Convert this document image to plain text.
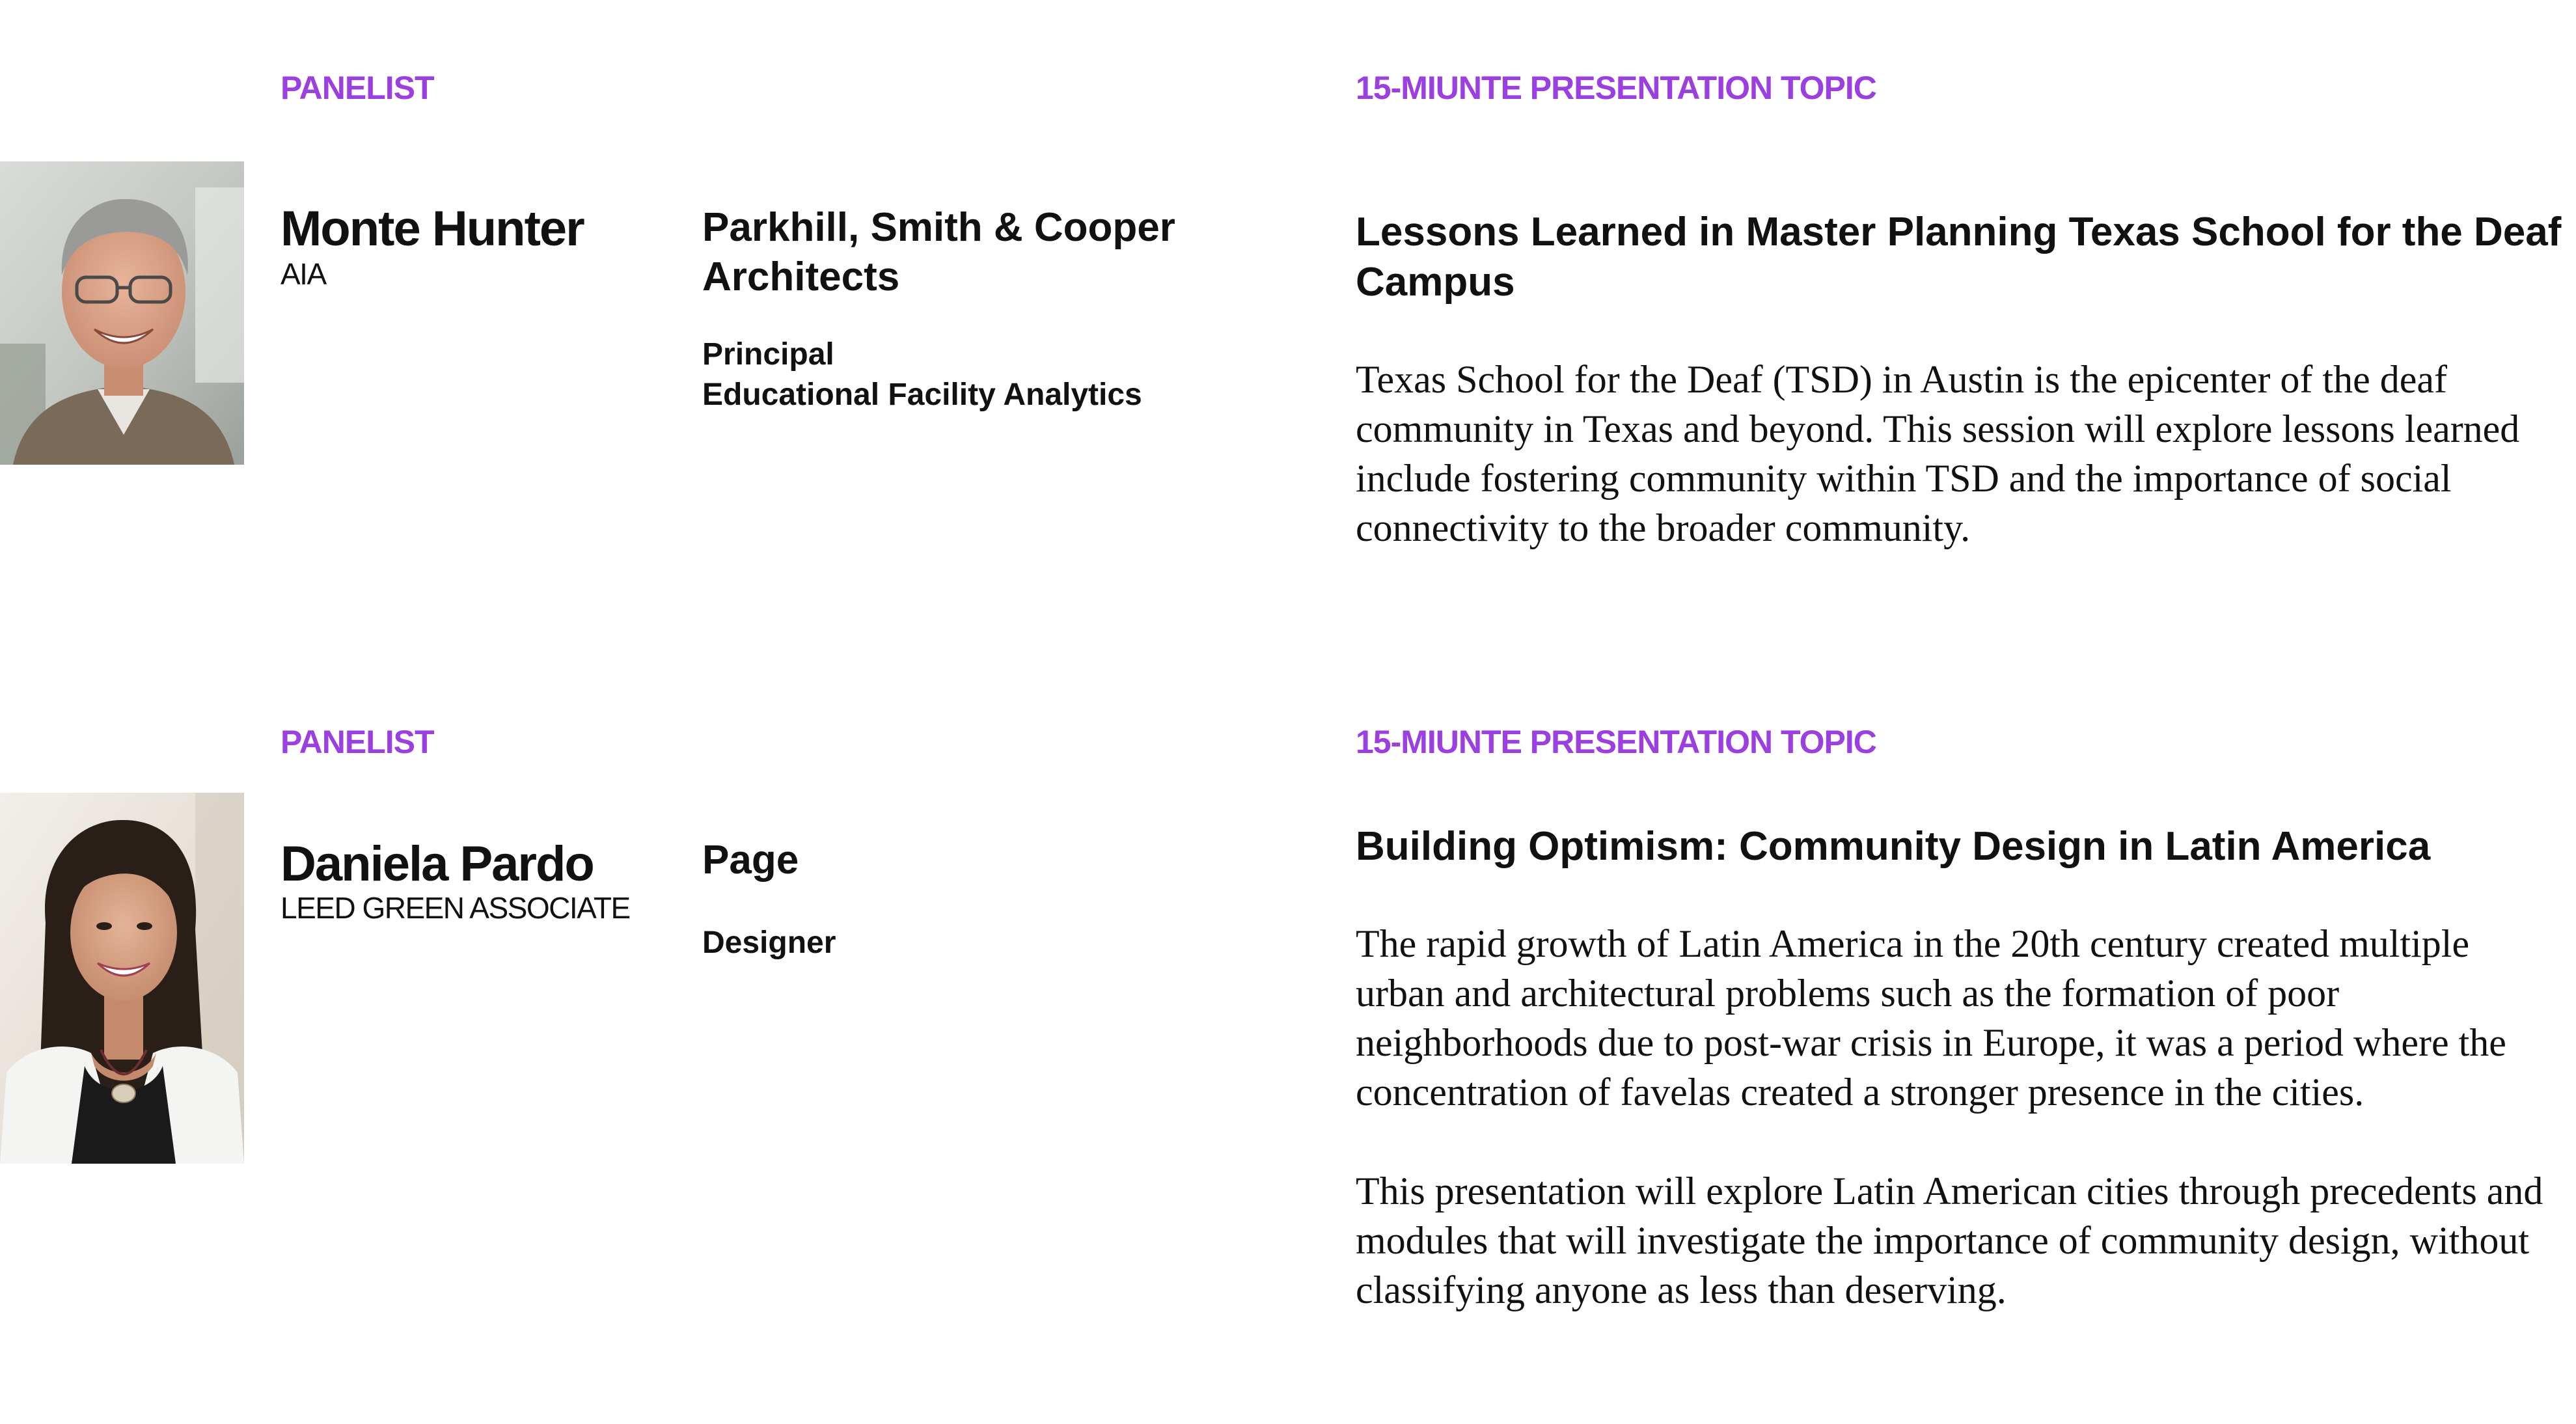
PANELIST	15-MIUNTE PRESENTATION TOPIC
Monte Hunter
AIA
Parkhill, Smith & Cooper Architects
Principal
Educational Facility Analytics
Lessons Learned in Master Planning Texas School for the Deaf Campus

Texas School for the Deaf (TSD) in Austin is the epicenter of the deaf community in Texas and beyond. This session will explore lessons learned include fostering community within TSD and the importance of social connectivity to the broader community.

PANELIST	15-MIUNTE PRESENTATION TOPIC
Daniela Pardo
LEED GREEN ASSOCIATE
Page
Designer
Building Optimism: Community Design in Latin America

The rapid growth of Latin America in the 20th century created multiple urban and architectural problems such as the formation of poor neighborhoods due to post-war crisis in Europe, it was a period where the concentration of favelas created a stronger presence in the cities.

This presentation will explore Latin American cities through precedents and modules that will investigate the importance of community design, without classifying anyone as less than deserving.
